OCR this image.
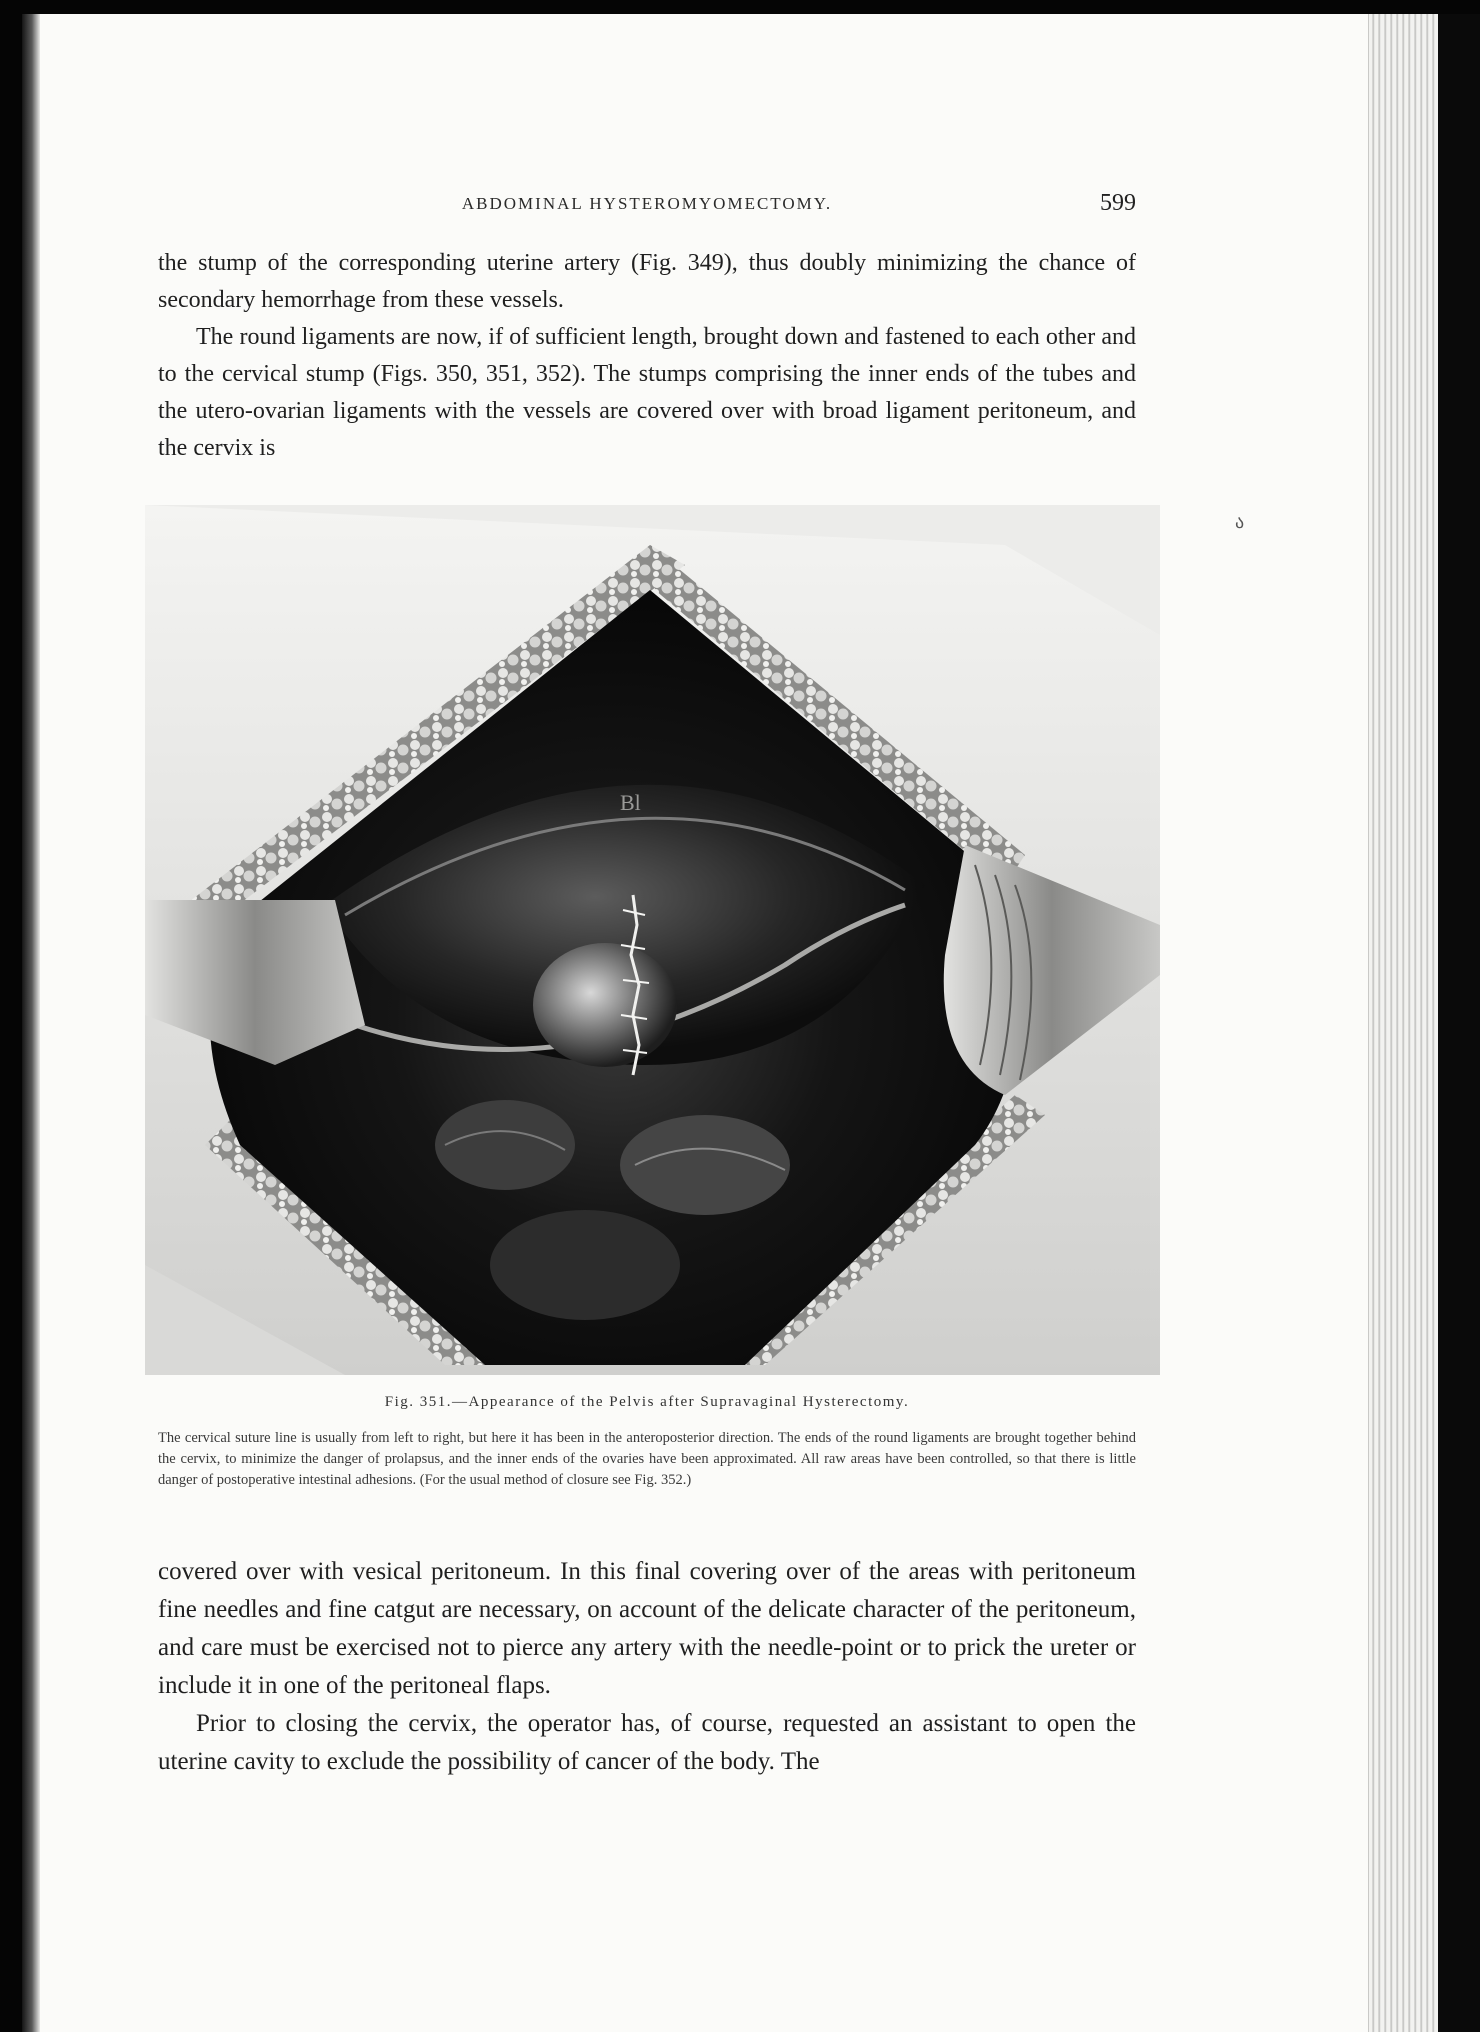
ABDOMINAL HYSTEROMYOMECTOMY.	599

the stump of the corresponding uterine artery (Fig. 349), thus doubly minimizing the chance of secondary hemorrhage from these vessels.

The round ligaments are now, if of sufficient length, brought down and fastened to each other and to the cervical stump (Figs. 350, 351, 352). The stumps comprising the inner ends of the tubes and the utero-ovarian ligaments with the vessels are covered over with broad ligament peritoneum, and the cervix is

ა
Bl
Fig. 351.—Appearance of the Pelvis after Supravaginal Hysterectomy.

The cervical suture line is usually from left to right, but here it has been in the anteroposterior direction. The ends of the round ligaments are brought together behind the cervix, to minimize the danger of prolapsus, and the inner ends of the ovaries have been approximated. All raw areas have been controlled, so that there is little danger of postoperative intestinal adhesions. (For the usual method of closure see Fig. 352.)

covered over with vesical peritoneum. In this final covering over of the areas with peritoneum fine needles and fine catgut are necessary, on account of the delicate character of the peritoneum, and care must be exercised not to pierce any artery with the needle-point or to prick the ureter or include it in one of the peritoneal flaps.

Prior to closing the cervix, the operator has, of course, requested an assistant to open the uterine cavity to exclude the possibility of cancer of the body. The
